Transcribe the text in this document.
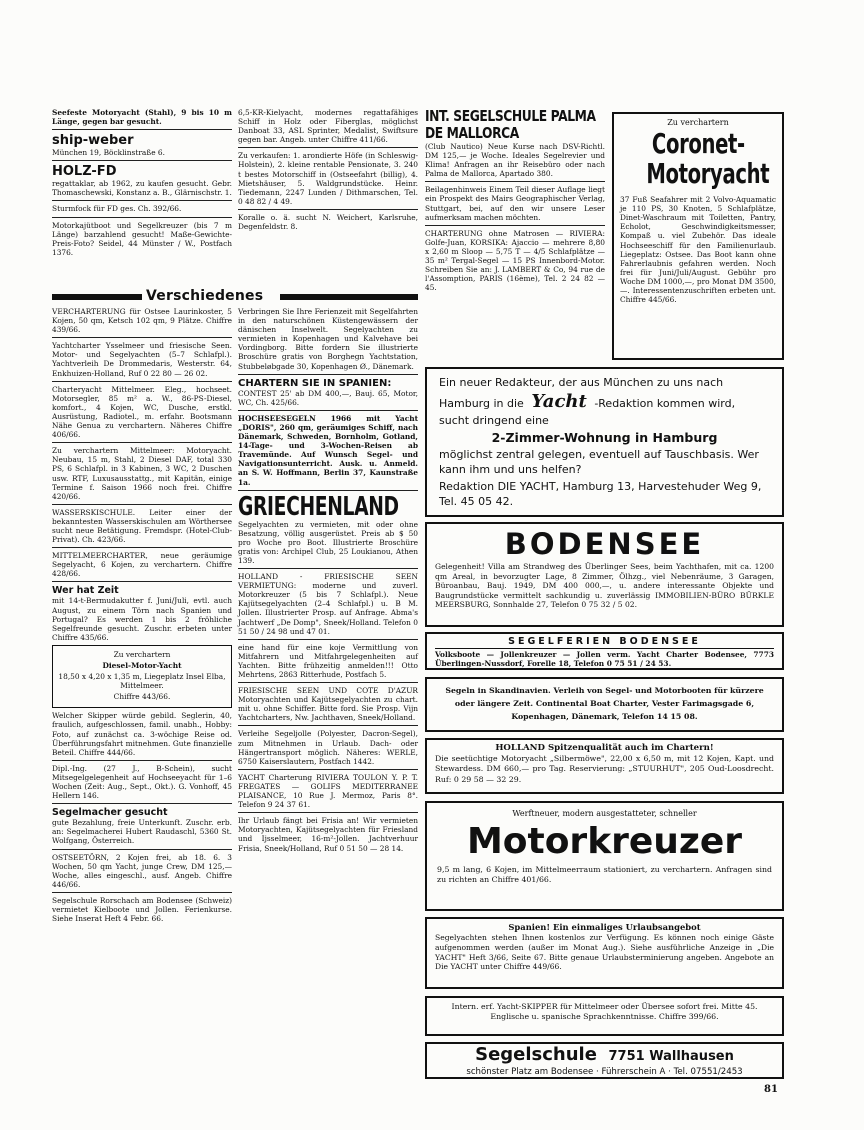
Seefeste Motoryacht (Stahl), 9 bis 10 m Länge, gegen bar gesucht.

ship-weber

München 19, Böcklinstraße 6.

HOLZ-FD

regattaklar, ab 1962, zu kaufen gesucht. Gebr. Thomaschewski, Konstanz a. B., Glärnischstr. 1.

Sturmfock für FD ges. Ch. 392/66.

Motorkajütboot und Segelkreuzer (bis 7 m Länge) barzahlend gesucht! Maße-Gewichte-Preis-Foto? Seidel, 44 Münster / W., Postfach 1376.

Verschiedenes

VERCHARTERUNG für Ostsee Laurinkoster, 5 Kojen, 50 qm, Ketsch 102 qm, 9 Plätze. Chiffre 439/66.

Yachtcharter Ysselmeer und friesische Seen. Motor- und Segelyachten (5–7 Schlafpl.). Yachtverleih De Drommedaris, Westerstr. 64, Enkhuizen-Holland, Ruf 0 22 80 — 26 02.

Charteryacht Mittelmeer. Eleg., hochseet. Motorsegler, 85 m² a. W., 86-PS-Diesel, komfort., 4 Kojen, WC, Dusche, erstkl. Ausrüstung, Radiotel., m. erfahr. Bootsmann Nähe Genua zu verchartern. Näheres Chiffre 406/66.

Zu verchartern Mittelmeer: Motoryacht. Neubau, 15 m, Stahl, 2 Diesel DAF, total 330 PS, 6 Schlafpl. in 3 Kabinen, 3 WC, 2 Duschen usw. RTF, Luxusausstattg., mit Kapitän, einige Termine f. Saison 1966 noch frei. Chiffre 420/66.

WASSERSKISCHULE. Leiter einer der bekanntesten Wasserskischulen am Wörthersee sucht neue Betätigung. Fremdspr. (Hotel-Club-Privat). Ch. 423/66.

MITTELMEERCHARTER, neue geräumige Segelyacht, 6 Kojen, zu verchartern. Chiffre 428/66.

Wer hat Zeit

mit 14-t-Bermudakutter f. Juni/Juli, evtl. auch August, zu einem Törn nach Spanien und Portugal? Es werden 1 bis 2 fröhliche Segelfreunde gesucht. Zuschr. erbeten unter Chiffre 435/66.

Zu verchartern
Diesel-Motor-Yacht
18,50 x 4,20 x 1,35 m, Liegeplatz Insel Elba, Mittelmeer.
Chiffre 443/66.

Welcher Skipper würde gebild. Seglerin, 40, fraulich, aufgeschlossen, famil. unabh., Hobby: Foto, auf zunächst ca. 3-wöchige Reise od. Überführungsfahrt mitnehmen. Gute finanzielle Beteil. Chiffre 444/66.

Dipl.-Ing. (27 J., B-Schein), sucht Mitsegelgelegenheit auf Hochseeyacht für 1–6 Wochen (Zeit: Aug., Sept., Okt.). G. Vonhoff, 45 Hellern 146.

Segelmacher gesucht

gute Bezahlung, freie Unterkunft. Zuschr. erb. an: Segelmacherei Hubert Raudaschl, 5360 St. Wolfgang, Österreich.

OSTSEETÖRN, 2 Kojen frei, ab 18. 6. 3 Wochen, 50 qm Yacht, junge Crew, DM 125,— Woche, alles eingeschl., ausf. Angeb. Chiffre 446/66.

Segelschule Rorschach am Bodensee (Schweiz) vermietet Kielboote und Jollen. Ferienkurse. Siehe Inserat Heft 4 Febr. 66.

6,5-KR-Kielyacht, modernes regattafähiges Schiff in Holz oder Fiberglas, möglichst Danboat 33, ASL Sprinter, Medalist, Swiftsure gegen bar. Angeb. unter Chiffre 411/66.

Zu verkaufen: 1. arondierte Höfe (in Schleswig-Holstein), 2. kleine rentable Pensionate, 3. 240 t bestes Motorschiff in (Ostseefahrt (billig), 4. Mietshäuser, 5. Waldgrundstücke. Heinr. Tiedemann, 2247 Lunden / Dithmarschen, Tel. 0 48 82 / 4 49.

Koralle o. ä. sucht N. Weichert, Karlsruhe, Degenfeldstr. 8.

Verbringen Sie Ihre Ferienzeit mit Segelfahrten in den naturschönen Küstengewässern der dänischen Inselwelt. Segelyachten zu vermieten in Kopenhagen und Kalvehave bei Vordingborg. Bitte fordern Sie illustrierte Broschüre gratis von Borghegn Yachtstation, Stubbeløbgade 30, Kopenhagen Ø., Dänemark.

CHARTERN SIE IN SPANIEN:

CONTEST 25' ab DM 400,—, Bauj. 65, Motor, WC, Ch. 425/66.

HOCHSEESEGELN 1966 mit Yacht „DORIS", 260 qm, geräumiges Schiff, nach Dänemark, Schweden, Bornholm, Gotland, 14-Tage- und 3-Wochen-Reisen ab Travemünde. Auf Wunsch Segel- und Navigationsunterricht. Ausk. u. Anmeld. an S. W. Hoffmann, Berlin 37, Kaunstraße 1a.

GRIECHENLAND

Segelyachten zu vermieten, mit oder ohne Besatzung, völlig ausgerüstet. Preis ab $ 50 pro Woche pro Boot. Illustrierte Broschüre gratis von: Archipel Club, 25 Loukianou, Athen 139.

HOLLAND - FRIESISCHE SEEN VERMIETUNG: moderne und zuverl. Motorkreuzer (5 bis 7 Schlafpl.). Neue Kajütsegelyachten (2–4 Schlafpl.) u. B M. Jollen. Illustrierter Prosp. auf Anfrage. Abma's Jachtwerf „De Domp", Sneek/Holland. Telefon 0 51 50 / 24 98 und 47 01.

eine hand für eine koje Vermittlung von Mitfahrern und Mitfahrgelegenheiten auf Yachten. Bitte frühzeitig anmelden!!! Otto Mehrtens, 2863 Ritterhude, Postfach 5.

FRIESISCHE SEEN UND COTE D'AZUR Motoryachten und Kajütsegelyachten zu chart. mit u. ohne Schiffer. Bitte ford. Sie Prosp. Vijn Yachtcharters, Nw. Jachthaven, Sneek/Holland.

Verleihe Segeljolle (Polyester, Dacron-Segel), zum Mitnehmen in Urlaub. Dach- oder Hängertransport möglich. Näheres: WERLE, 6750 Kaiserslautern, Postfach 1442.

YACHT Charterung RIVIERA TOULON Y. P. T. FREGATES — GOLIFS MEDITERRANEE PLAISANCE, 10 Rue J. Mermoz, Paris 8°. Telefon 9 24 37 61.

Ihr Urlaub fängt bei Frisia an! Wir vermieten Motoryachten, Kajütsegelyachten für Friesland und Ijsselmeer, 16-m²-Jollen. Jachtverhuur Frisia, Sneek/Holland, Ruf 0 51 50 — 28 14.

INT. SEGELSCHULE PALMA DE MALLORCA

(Club Nautico) Neue Kurse nach DSV-Richtl. DM 125,— je Woche. Ideales Segelrevier und Klima! Anfragen an ihr Reisebüro oder nach Palma de Mallorca, Apartado 380.

Beilagenhinweis Einem Teil dieser Auflage liegt ein Prospekt des Mairs Geographischer Verlag, Stuttgart, bei, auf den wir unsere Leser aufmerksam machen möchten.

CHARTERUNG ohne Matrosen — RIVIERA: Golfe-Juan, KORSIKA: Ajaccio — mehrere 8,80 x 2,60 m Sloop — 5,75 T — 4/5 Schlafplätze — 35 m² Tergal-Segel — 15 PS Innenbord-Motor. Schreiben Sie an: J. LAMBERT & Co, 94 rue de l'Assomption, PARIS (16ème), Tel. 2 24 82 — 45.

Zu verchartern
Coronet-
Motoryacht

37 Fuß Seafahrer mit 2 Volvo-Aquamatic je 110 PS, 30 Knoten, 5 Schlafplätze, Dinet-Waschraum mit Toiletten, Pantry, Echolot, Geschwindigkeitsmesser, Kompaß u. viel Zubehör. Das ideale Hochseeschiff für den Familienurlaub. Liegeplatz: Ostsee. Das Boot kann ohne Fahrerlaubnis gefahren werden. Noch frei für Juni/Juli/August. Gebühr pro Woche DM 1000,—, pro Monat DM 3500,—. Interessentenzuschriften erbeten unt. Chiffre 445/66.

Ein neuer Redakteur, der aus München zu uns nach
Hamburg in die Yacht -Redaktion kommen wird,
sucht dringend eine
2-Zimmer-Wohnung in Hamburg
möglichst zentral gelegen, eventuell auf Tauschbasis. Wer kann ihm und uns helfen?
Redaktion DIE YACHT, Hamburg 13, Harvestehuder Weg 9, Tel. 45 05 42.
BODENSEE

Gelegenheit! Villa am Strandweg des Überlinger Sees, beim Yachthafen, mit ca. 1200 qm Areal, in bevorzugter Lage, 8 Zimmer, Ölhzg., viel Nebenräume, 3 Garagen, Büroanbau, Bauj. 1949, DM 400 000,—, u. andere interessante Objekte und Baugrundstücke vermittelt sachkundig u. zuverlässig IMMOBILIEN-BÜRO BÜRKLE MEERSBURG, Sonnhalde 27, Telefon 0 75 32 / 5 02.

SEGELFERIEN BODENSEE

Volksboote — Jollenkreuzer — Jollen verm. Yacht Charter Bodensee, 7773 Überlingen-Nussdorf, Forelle 18, Telefon 0 75 51 / 24 53.

Segeln in Skandinavien. Verleih von Segel- und Motorbooten für kürzere oder längere Zeit. Continental Boat Charter, Vester Farimagsgade 6, Kopenhagen, Dänemark, Telefon 14 15 08.

HOLLAND Spitzenqualität auch im Chartern!

Die seetüchtige Motoryacht „Silbermöwe", 22,00 x 6,50 m, mit 12 Kojen, Kapt. und Stewardess. DM 660,— pro Tag. Reservierung: „STUURHUT", 205 Oud-Loosdrecht. Ruf: 0 29 58 — 32 29.

Werftneuer, modern ausgestatteter, schneller
Motorkreuzer

9,5 m lang, 6 Kojen, im Mittelmeerraum stationiert, zu verchartern. Anfragen sind zu richten an Chiffre 401/66.

Spanien! Ein einmaliges Urlaubsangebot

Segelyachten stehen Ihnen kostenlos zur Verfügung. Es können noch einige Gäste aufgenommen werden (außer im Monat Aug.). Siehe ausführliche Anzeige in „Die YACHT" Heft 3/66, Seite 67. Bitte genaue Urlaubsterminierung angeben. Angebote an Die YACHT unter Chiffre 449/66.

Intern. erf. Yacht-SKIPPER für Mittelmeer oder Übersee sofort frei. Mitte 45. Englische u. spanische Sprachkenntnisse. Chiffre 399/66.

Segelschule 7751 Wallhausen
schönster Platz am Bodensee · Führerschein A · Tel. 07551/2453
81
